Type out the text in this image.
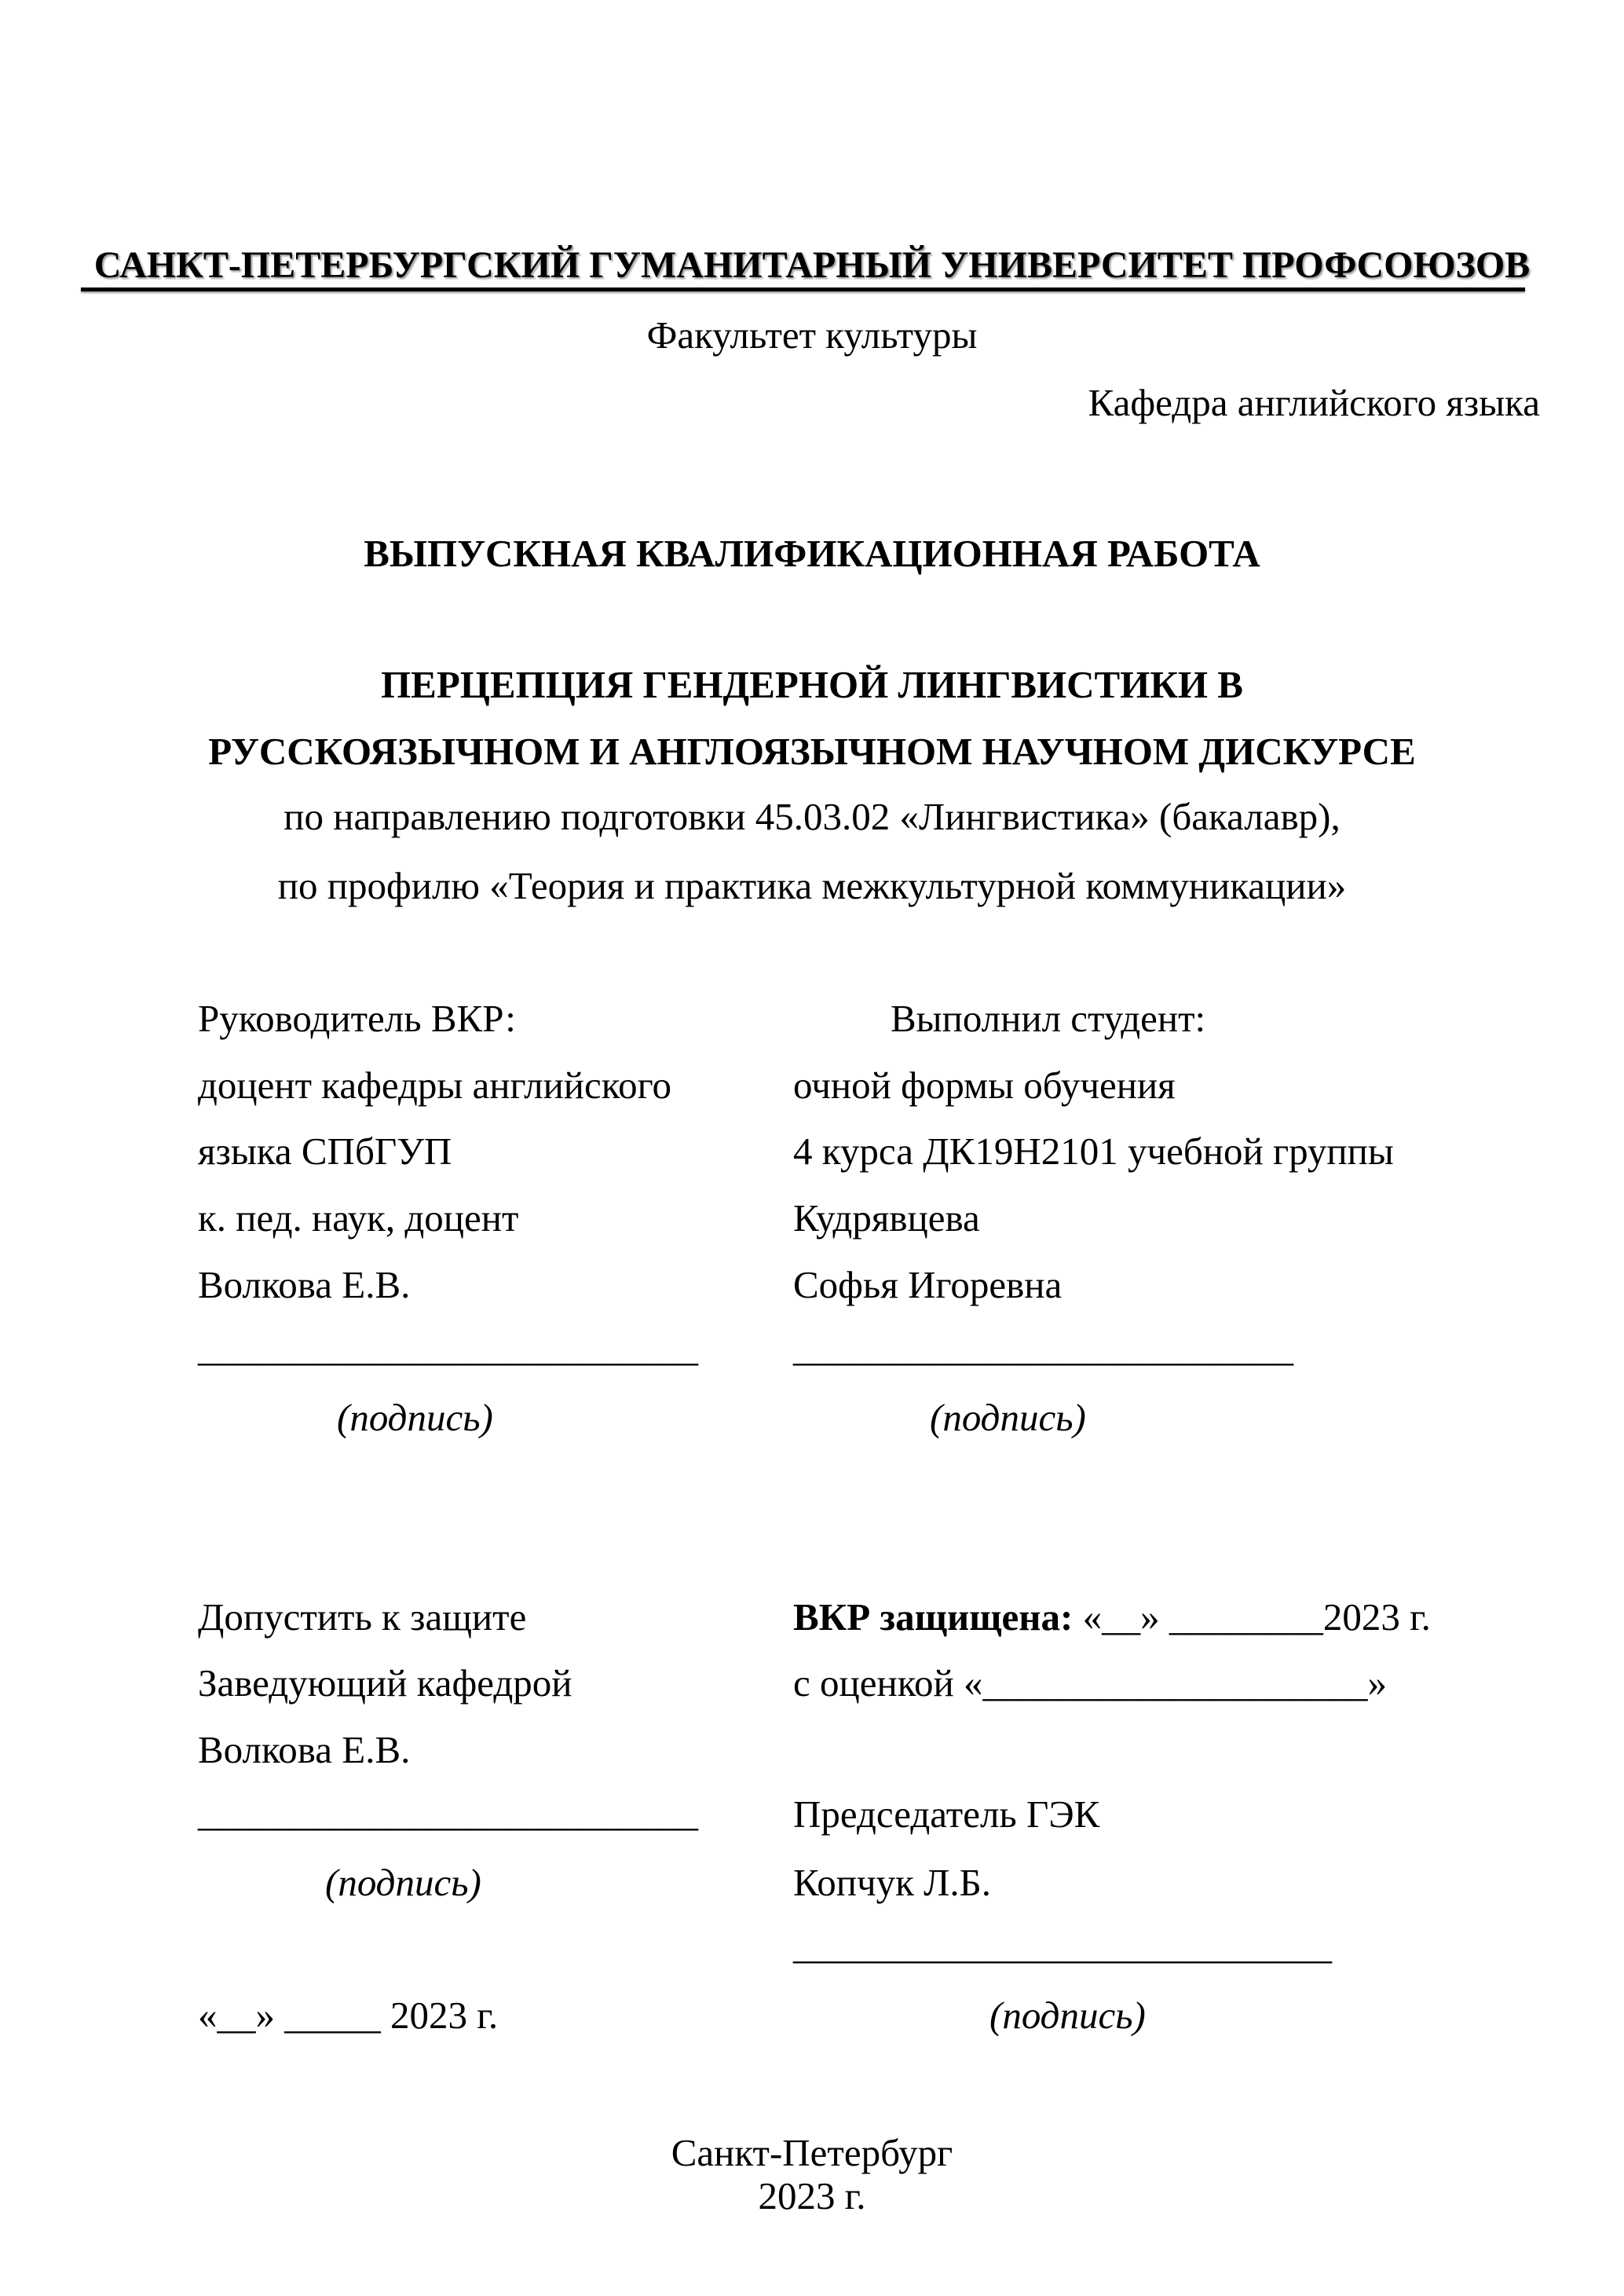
САНКТ-ПЕТЕРБУРГСКИЙ ГУМАНИТАРНЫЙ УНИВЕРСИТЕТ ПРОФСОЮЗОВ
Факультет культуры
Кафедра английского языка
ВЫПУСКНАЯ КВАЛИФИКАЦИОННАЯ РАБОТА
ПЕРЦЕПЦИЯ ГЕНДЕРНОЙ ЛИНГВИСТИКИ В
РУССКОЯЗЫЧНОМ И АНГЛОЯЗЫЧНОМ НАУЧНОМ ДИСКУРСЕ
по направлению подготовки 45.03.02 «Лингвистика» (бакалавр),
по профилю «Теория и практика межкультурной коммуникации»
Руководитель ВКР:
доцент кафедры английского
языка СПбГУП
к. пед. наук, доцент
Волкова Е.В.
__________________________
(подпись)
Выполнил студент:
очной формы обучения
4 курса ДК19Н2101 учебной группы
Кудрявцева
Софья Игоревна
__________________________
(подпись)
Допустить к защите
Заведующий кафедрой
Волкова Е.В.
__________________________
(подпись)
«__» _____ 2023 г.
ВКР защищена: «__» ________2023 г.
с оценкой «____________________»
Председатель ГЭК
Копчук Л.Б.
____________________________
(подпись)
Санкт-Петербург
2023 г.
